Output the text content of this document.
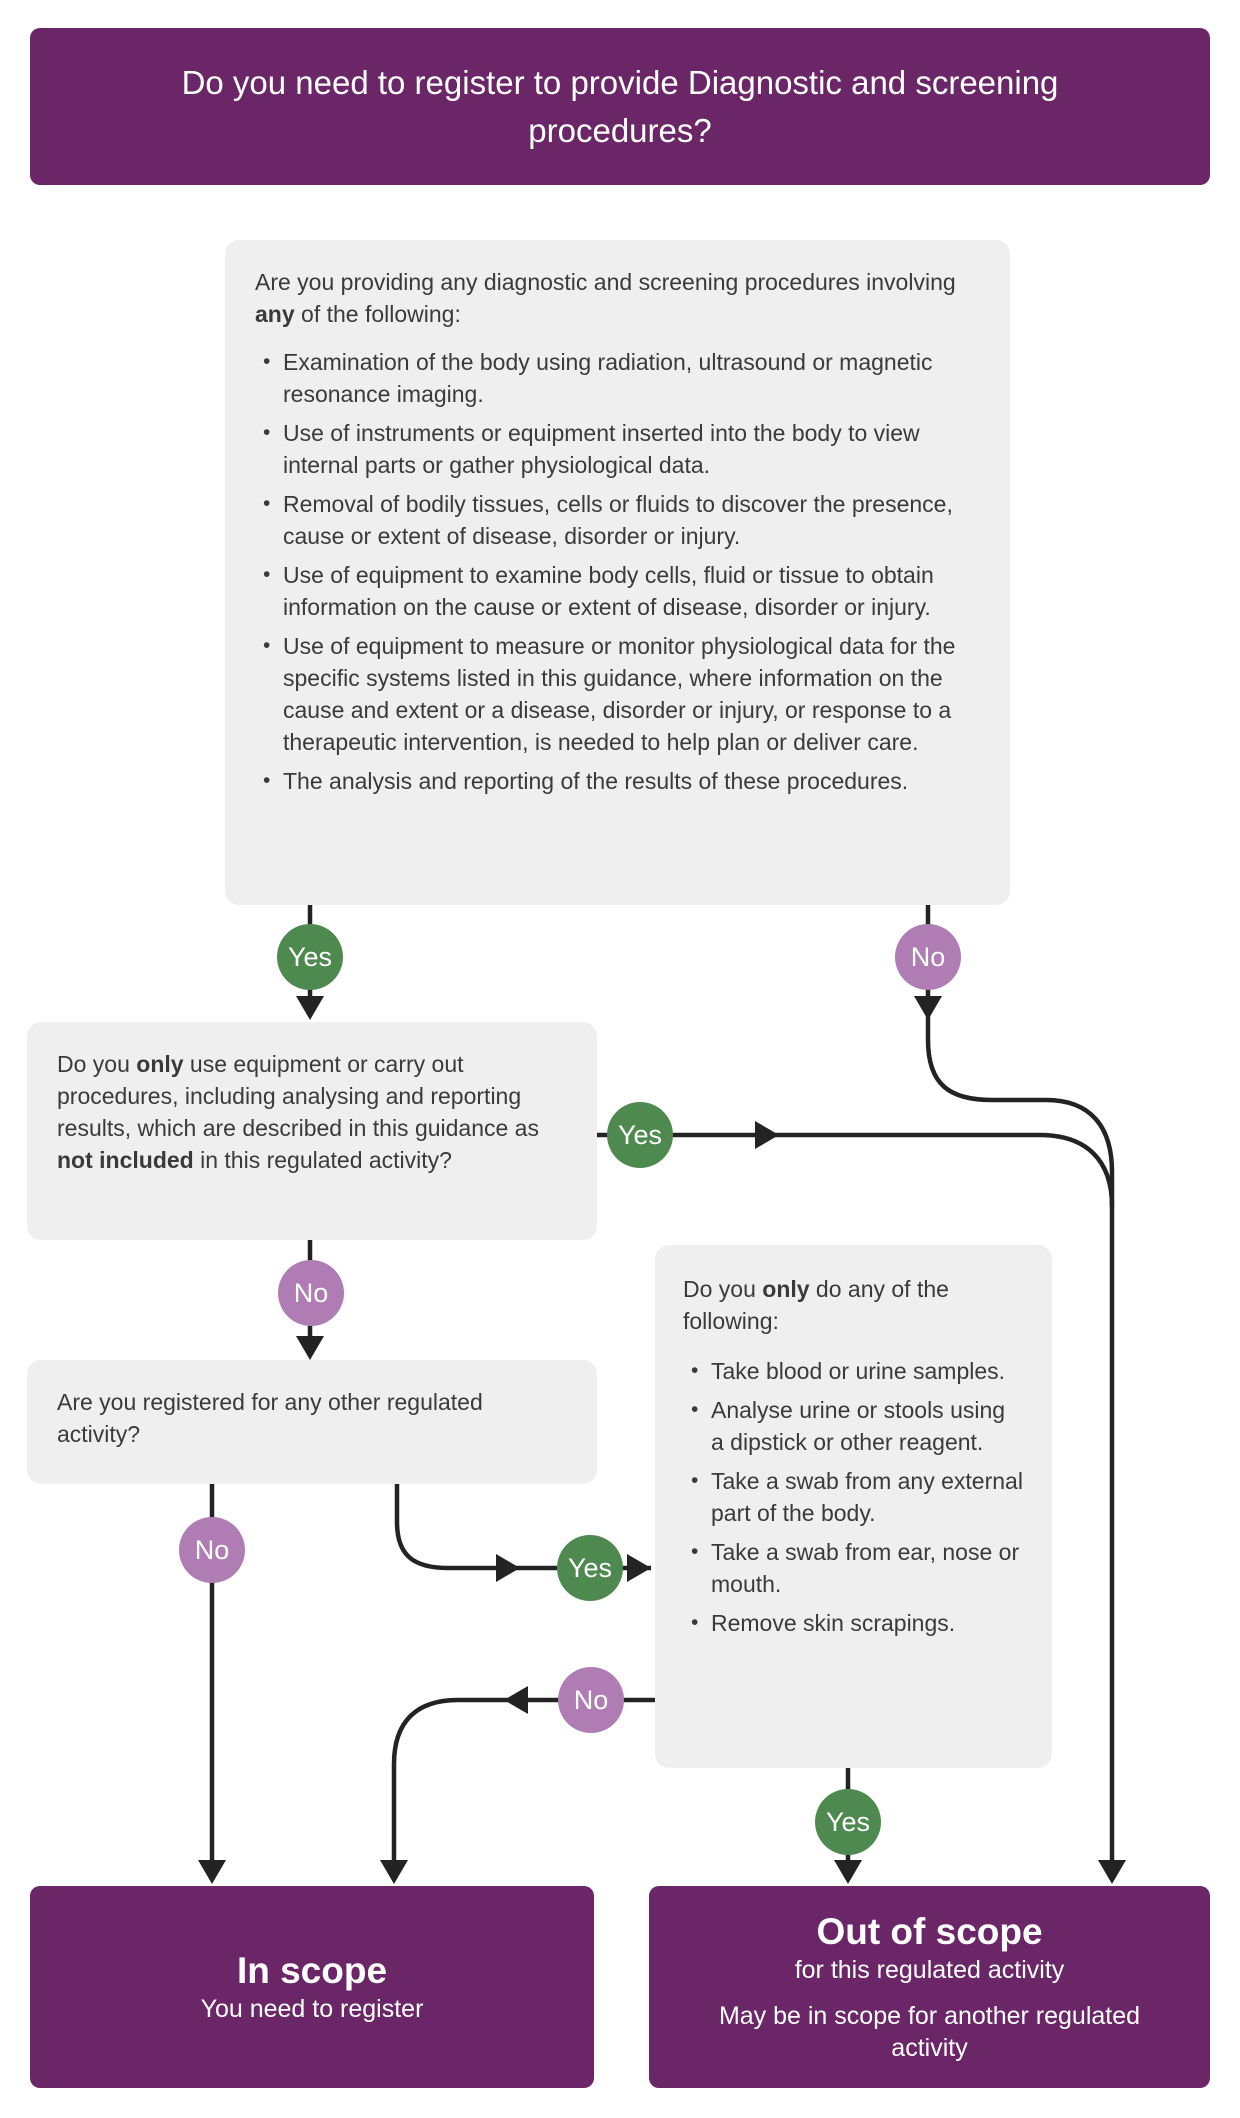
Do you need to register to provide Diagnostic and screening procedures?
Are you providing any diagnostic and screening procedures involving any of the following:
• Examination of the body using radiation, ultrasound or magnetic resonance imaging.
• Use of instruments or equipment inserted into the body to view internal parts or gather physiological data.
• Removal of bodily tissues, cells or fluids to discover the presence, cause or extent of disease, disorder or injury.
• Use of equipment to examine body cells, fluid or tissue to obtain information on the cause or extent of disease, disorder or injury.
• Use of equipment to measure or monitor physiological data for the specific systems listed in this guidance, where information on the cause and extent or a disease, disorder or injury, or response to a therapeutic intervention, is needed to help plan or deliver care.
• The analysis and reporting of the results of these procedures.
Do you only use equipment or carry out procedures, including analysing and reporting results, which are described in this guidance as not included in this regulated activity?
Are you registered for any other regulated activity?
Do you only do any of the following:
• Take blood or urine samples.
• Analyse urine or stools using a dipstick or other reagent.
• Take a swab from any external part of the body.
• Take a swab from ear, nose or mouth.
• Remove skin scrapings.
Yes	No
Yes
No
No
Yes
No
Yes
In scope
You need to register
Out of scope
for this regulated activity
May be in scope for another regulated activity
